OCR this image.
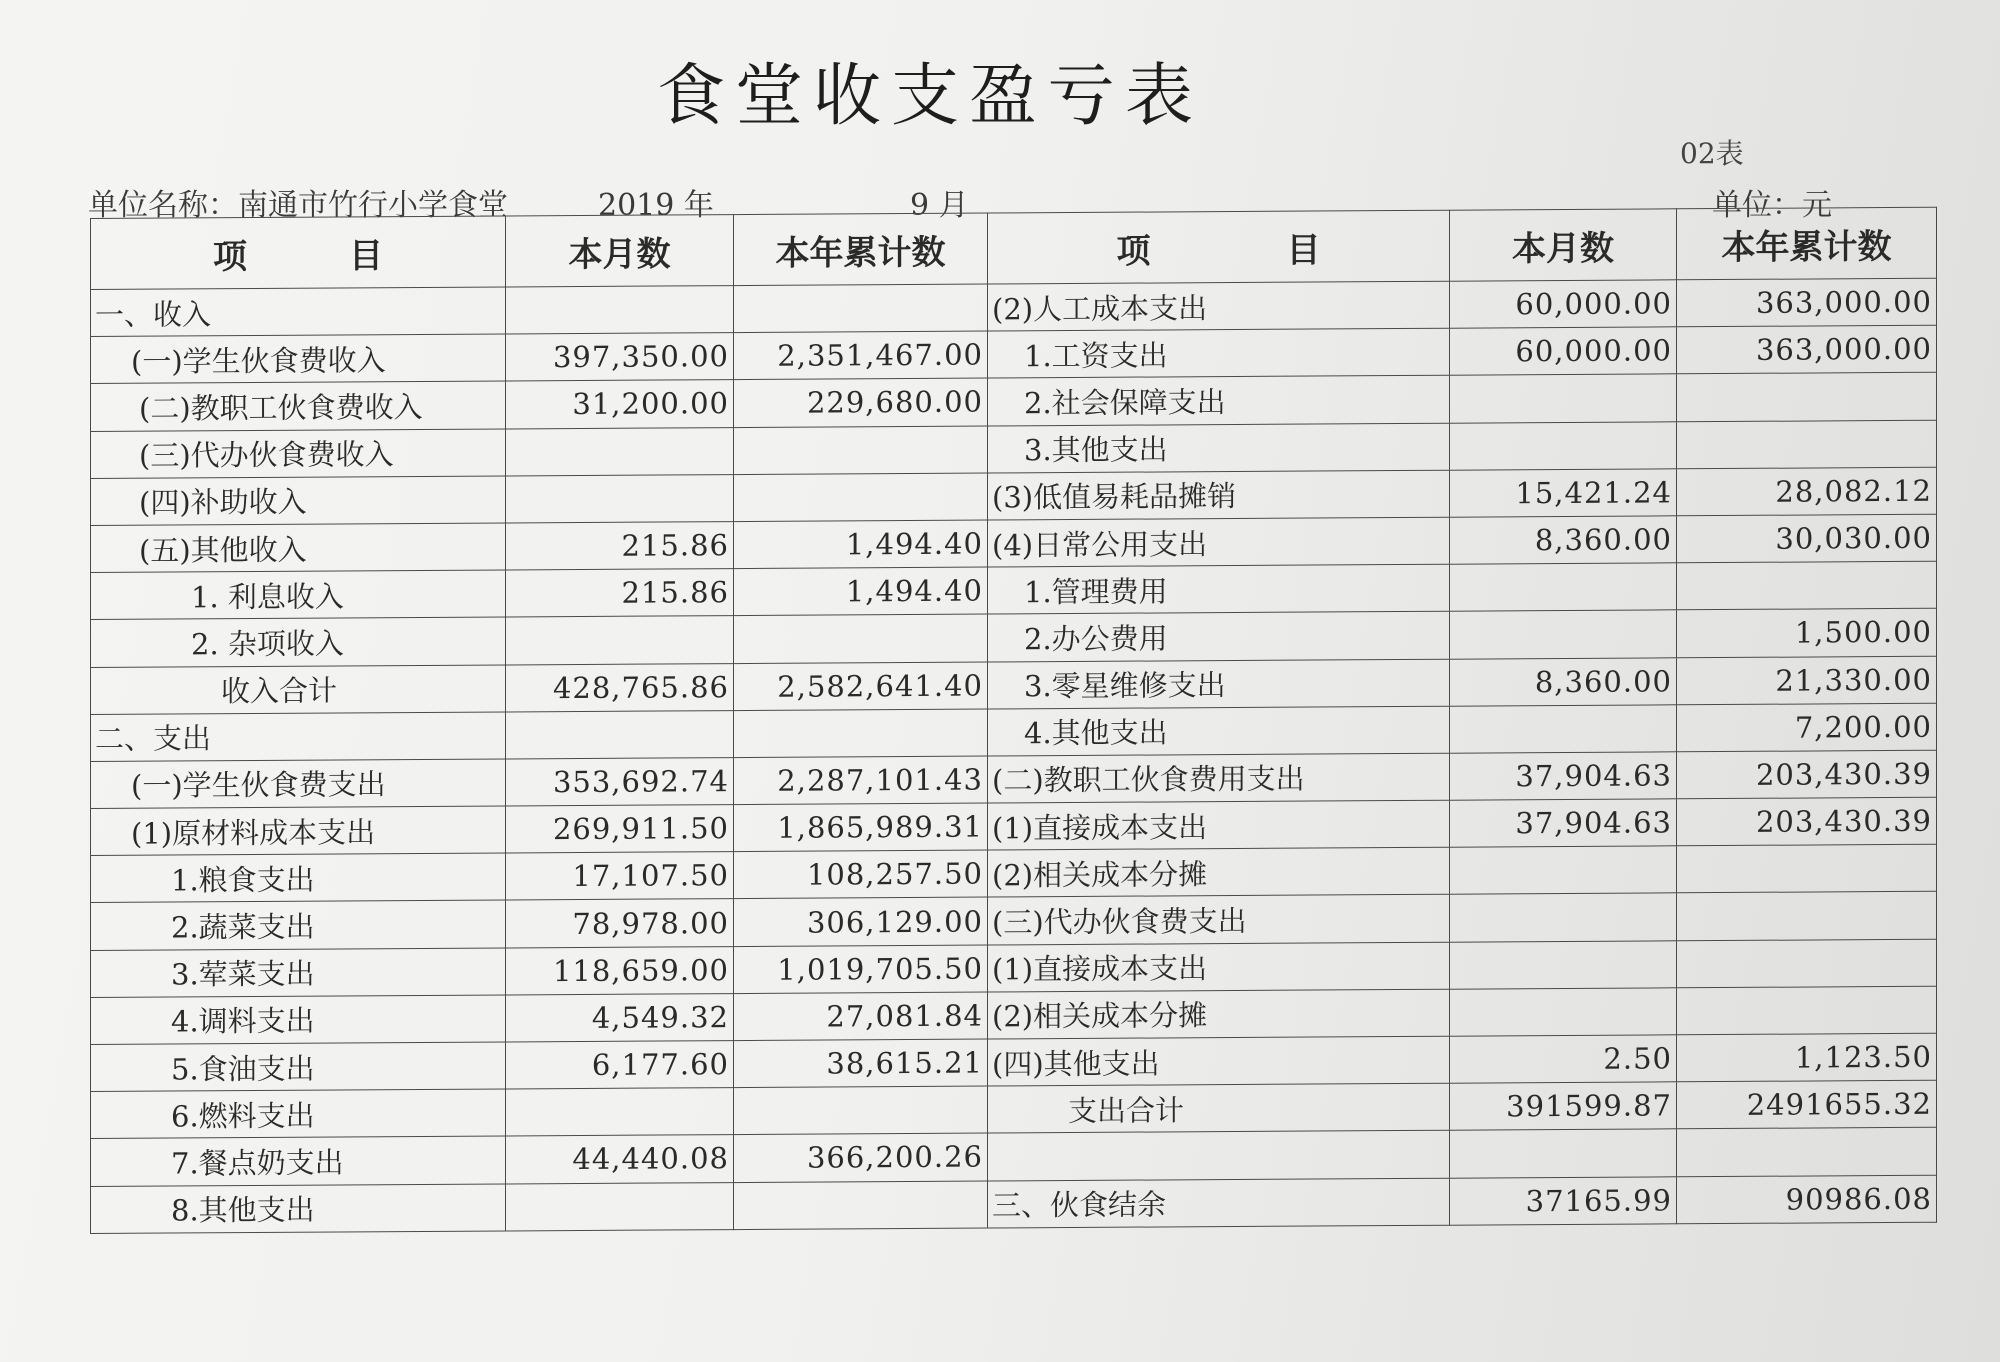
食堂收支盈亏表
02表
单位名称：南通市竹行小学食堂	2019 年	9 月	单位：元
项　　　目	本月数	本年累计数	项　　　　目	本月数	本年累计数
一、收入			(2)人工成本支出	60,000.00	363,000.00
(一)学生伙食费收入	397,350.00	2,351,467.00	1.工资支出	60,000.00	363,000.00
(二)教职工伙食费收入	31,200.00	229,680.00	2.社会保障支出		
(三)代办伙食费收入			3.其他支出		
(四)补助收入			(3)低值易耗品摊销	15,421.24	28,082.12
(五)其他收入	215.86	1,494.40	(4)日常公用支出	8,360.00	30,030.00
1. 利息收入	215.86	1,494.40	1.管理费用		
2. 杂项收入			2.办公费用		1,500.00
收入合计	428,765.86	2,582,641.40	3.零星维修支出	8,360.00	21,330.00
二、支出			4.其他支出		7,200.00
(一)学生伙食费支出	353,692.74	2,287,101.43	(二)教职工伙食费用支出	37,904.63	203,430.39
(1)原材料成本支出	269,911.50	1,865,989.31	(1)直接成本支出	37,904.63	203,430.39
1.粮食支出	17,107.50	108,257.50	(2)相关成本分摊		
2.蔬菜支出	78,978.00	306,129.00	(三)代办伙食费支出		
3.荤菜支出	118,659.00	1,019,705.50	(1)直接成本支出		
4.调料支出	4,549.32	27,081.84	(2)相关成本分摊		
5.食油支出	6,177.60	38,615.21	(四)其他支出	2.50	1,123.50
6.燃料支出			支出合计	391599.87	2491655.32
7.餐点奶支出	44,440.08	366,200.26			
8.其他支出			三、伙食结余	37165.99	90986.08
